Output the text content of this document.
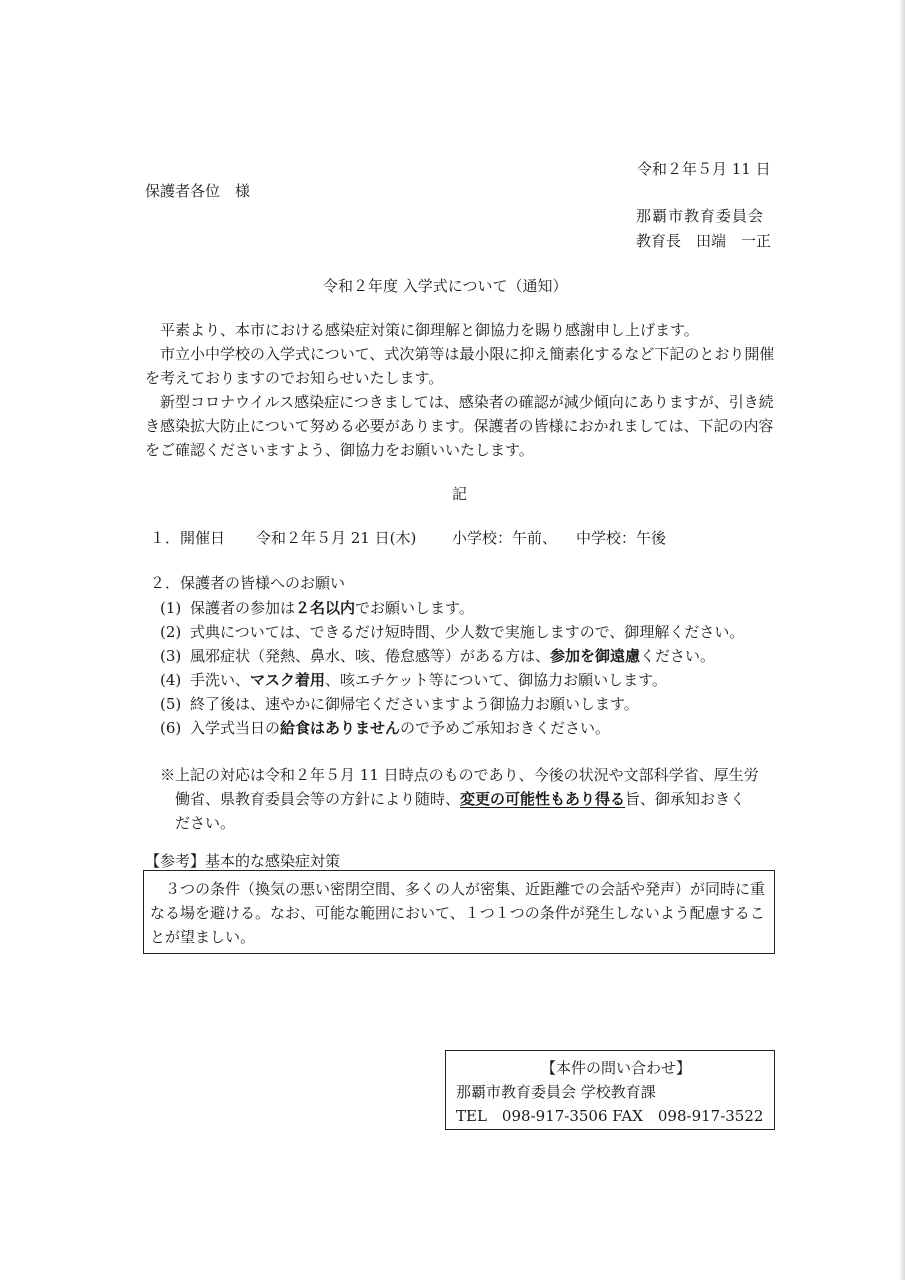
令和２年５月 11 日
保護者各位　様
那覇市教育委員会
教育長　田端　一正
令和２年度 入学式について（通知）

平素より、本市における感染症対策に御理解と御協力を賜り感謝申し上げます。

市立小中学校の入学式について、式次第等は最小限に抑え簡素化するなど下記のとおり開催を考えておりますのでお知らせいたします。

新型コロナウイルス感染症につきましては、感染者の確認が減少傾向にありますが、引き続き感染拡大防止について努める必要があります。保護者の皆様におかれましては、下記の内容をご確認くださいますよう、御協力をお願いいたします。

記
１．開催日 令和２年５月 21 日(木) 小学校：午前、 中学校：午後
２．保護者の皆様へのお願い
(1) 保護者の参加は２名以内でお願いします。
(2) 式典については、できるだけ短時間、少人数で実施しますので、御理解ください。
(3) 風邪症状（発熱、鼻水、咳、倦怠感等）がある方は、参加を御遠慮ください。
(4) 手洗い、マスク着用、咳エチケット等について、御協力お願いします。
(5) 終了後は、速やかに御帰宅くださいますよう御協力お願いします。
(6) 入学式当日の給食はありませんので予めご承知おきください。
※上記の対応は令和２年５月 11 日時点のものであり、今後の状況や文部科学省、厚生労
働省、県教育委員会等の方針により随時、変更の可能性もあり得る旨、御承知おきく
ださい。
【参考】基本的な感染症対策
３つの条件（換気の悪い密閉空間、多くの人が密集、近距離での会話や発声）が同時に重なる場を避ける。なお、可能な範囲において、１つ１つの条件が発生しないよう配慮することが望ましい。
【本件の問い合わせ】
那覇市教育委員会 学校教育課
TEL　098-917-3506 FAX　098-917-3522
